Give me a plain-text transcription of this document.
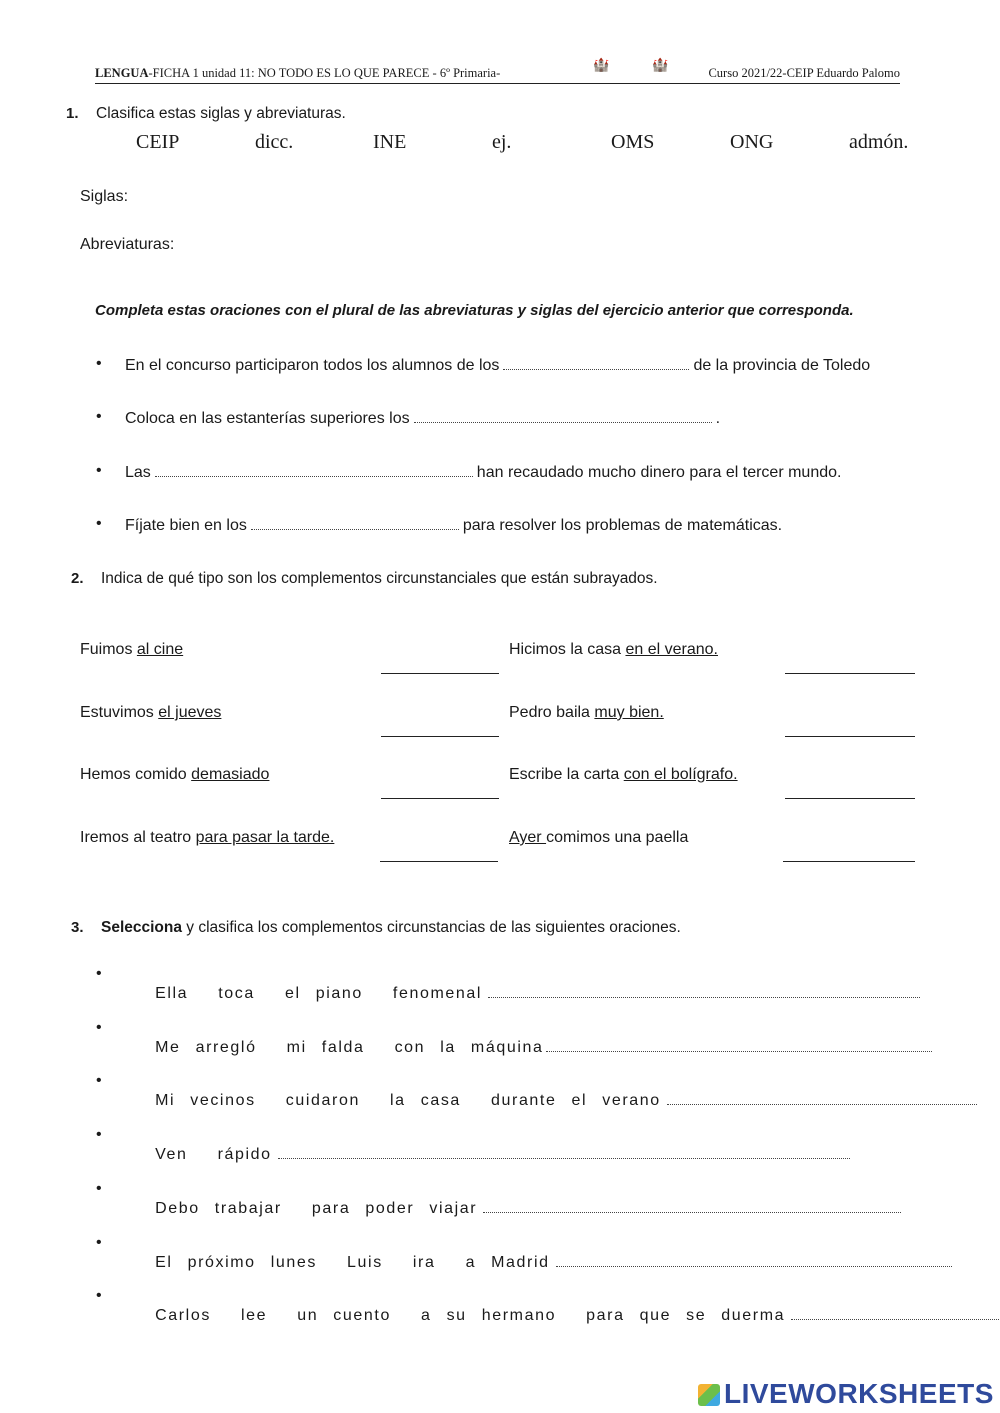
LENGUA-FICHA 1 unidad 11: NO TODO ES LO QUE PARECE - 6º Primaria-
🏰 🏰
Curso 2021/22-CEIP Eduardo Palomo
1. Clasifica estas siglas y abreviaturas.
CEIP	dicc.	INE	ej.	OMS	ONG	admón.
Siglas:
Abreviaturas:
Completa estas oraciones con el plural de las abreviaturas y siglas del ejercicio anterior que corresponda.
• En el concurso participaron todos los alumnos de los	de la provincia de Toledo
• Coloca en las estanterías superiores los	.
• Las	han recaudado mucho dinero para el tercer mundo.
• Fíjate bien en los	para resolver los problemas de matemáticas.
2. Indica de qué tipo son los complementos circunstanciales que están subrayados.
Fuimos al cine	Hicimos la casa en el verano.
Estuvimos el jueves	Pedro baila muy bien.
Hemos comido demasiado	Escribe la carta con el bolígrafo.
Iremos al teatro para pasar la tarde.	Ayer comimos una paella
3. Selecciona y clasifica los complementos circunstancias de las siguientes oraciones.

•
Ella  toca  el piano  fenomenal

•
Me arregló  mi falda  con la máquina

•
Mi vecinos  cuidaron  la casa  durante el verano

•
Ven  rápido

•
Debo trabajar  para poder viajar

•
El próximo lunes  Luis  ira  a Madrid

•
Carlos  lee  un cuento  a su hermano  para que se duerma

LIVEWORKSHEETS
